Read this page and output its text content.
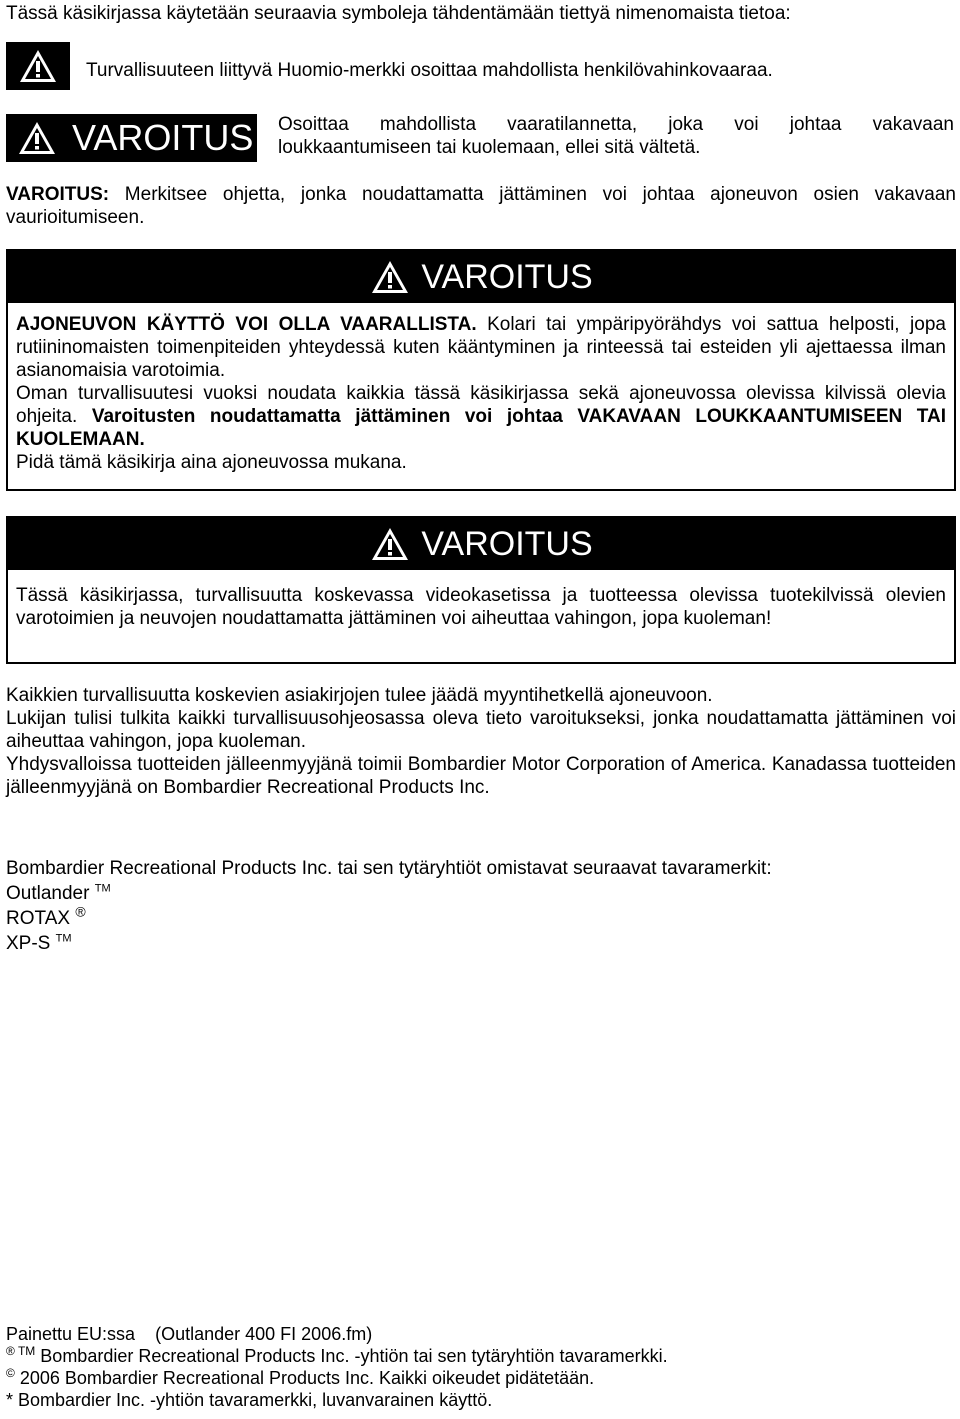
Tässä käsikirjassa käytetään seuraavia symboleja tähdentämään tiettyä nimenomaista tietoa:
Turvallisuuteen liittyvä Huomio-merkki osoittaa mahdollista henkilövahinkovaaraa.
VAROITUS Osoittaa mahdollista vaaratilannetta, joka voi johtaa vakavaan loukkaantumiseen tai kuolemaan, ellei sitä vältetä.
VAROITUS: Merkitsee ohjetta, jonka noudattamatta jättäminen voi johtaa ajoneuvon osien vakavaan vaurioitumiseen.
VAROITUS
AJONEUVON KÄYTTÖ VOI OLLA VAARALLISTA. Kolari tai ympäripyörähdys voi sattua helposti, jopa rutiininomaisten toimenpiteiden yhteydessä kuten kääntyminen ja rinteessä tai esteiden yli ajettaessa ilman asianomaisia varotoimia.
Oman turvallisuutesi vuoksi noudata kaikkia tässä käsikirjassa sekä ajoneuvossa olevissa kilvissä olevia ohjeita. Varoitusten noudattamatta jättäminen voi johtaa VAKAVAAN LOUKKAANTUMISEEN TAI KUOLEMAAN.
Pidä tämä käsikirja aina ajoneuvossa mukana.
VAROITUS
Tässä käsikirjassa, turvallisuutta koskevassa videokasetissa ja tuotteessa olevissa tuotekilvissä olevien varotoimien ja neuvojen noudattamatta jättäminen voi aiheuttaa vahingon, jopa kuoleman!
Kaikkien turvallisuutta koskevien asiakirjojen tulee jäädä myyntihetkellä ajoneuvoon.
Lukijan tulisi tulkita kaikki turvallisuusohjeosassa oleva tieto varoitukseksi, jonka noudattamatta jättäminen voi aiheuttaa vahingon, jopa kuoleman.
Yhdysvalloissa tuotteiden jälleenmyyjänä toimii Bombardier Motor Corporation of America. Kanadassa tuotteiden jälleenmyyjänä on Bombardier Recreational Products Inc.
Bombardier Recreational Products Inc. tai sen tytäryhtiöt omistavat seuraavat tavaramerkit:
Outlander ™
ROTAX ®
XP-S ™
Painettu EU:ssa (Outlander 400 FI 2006.fm)
$^{® TM}$ Bombardier Recreational Products Inc. -yhtiön tai sen tytäryhtiön tavaramerkki.
© 2006 Bombardier Recreational Products Inc. Kaikki oikeudet pidätetään.
* Bombardier Inc. -yhtiön tavaramerkki, luvanvarainen käyttö.
